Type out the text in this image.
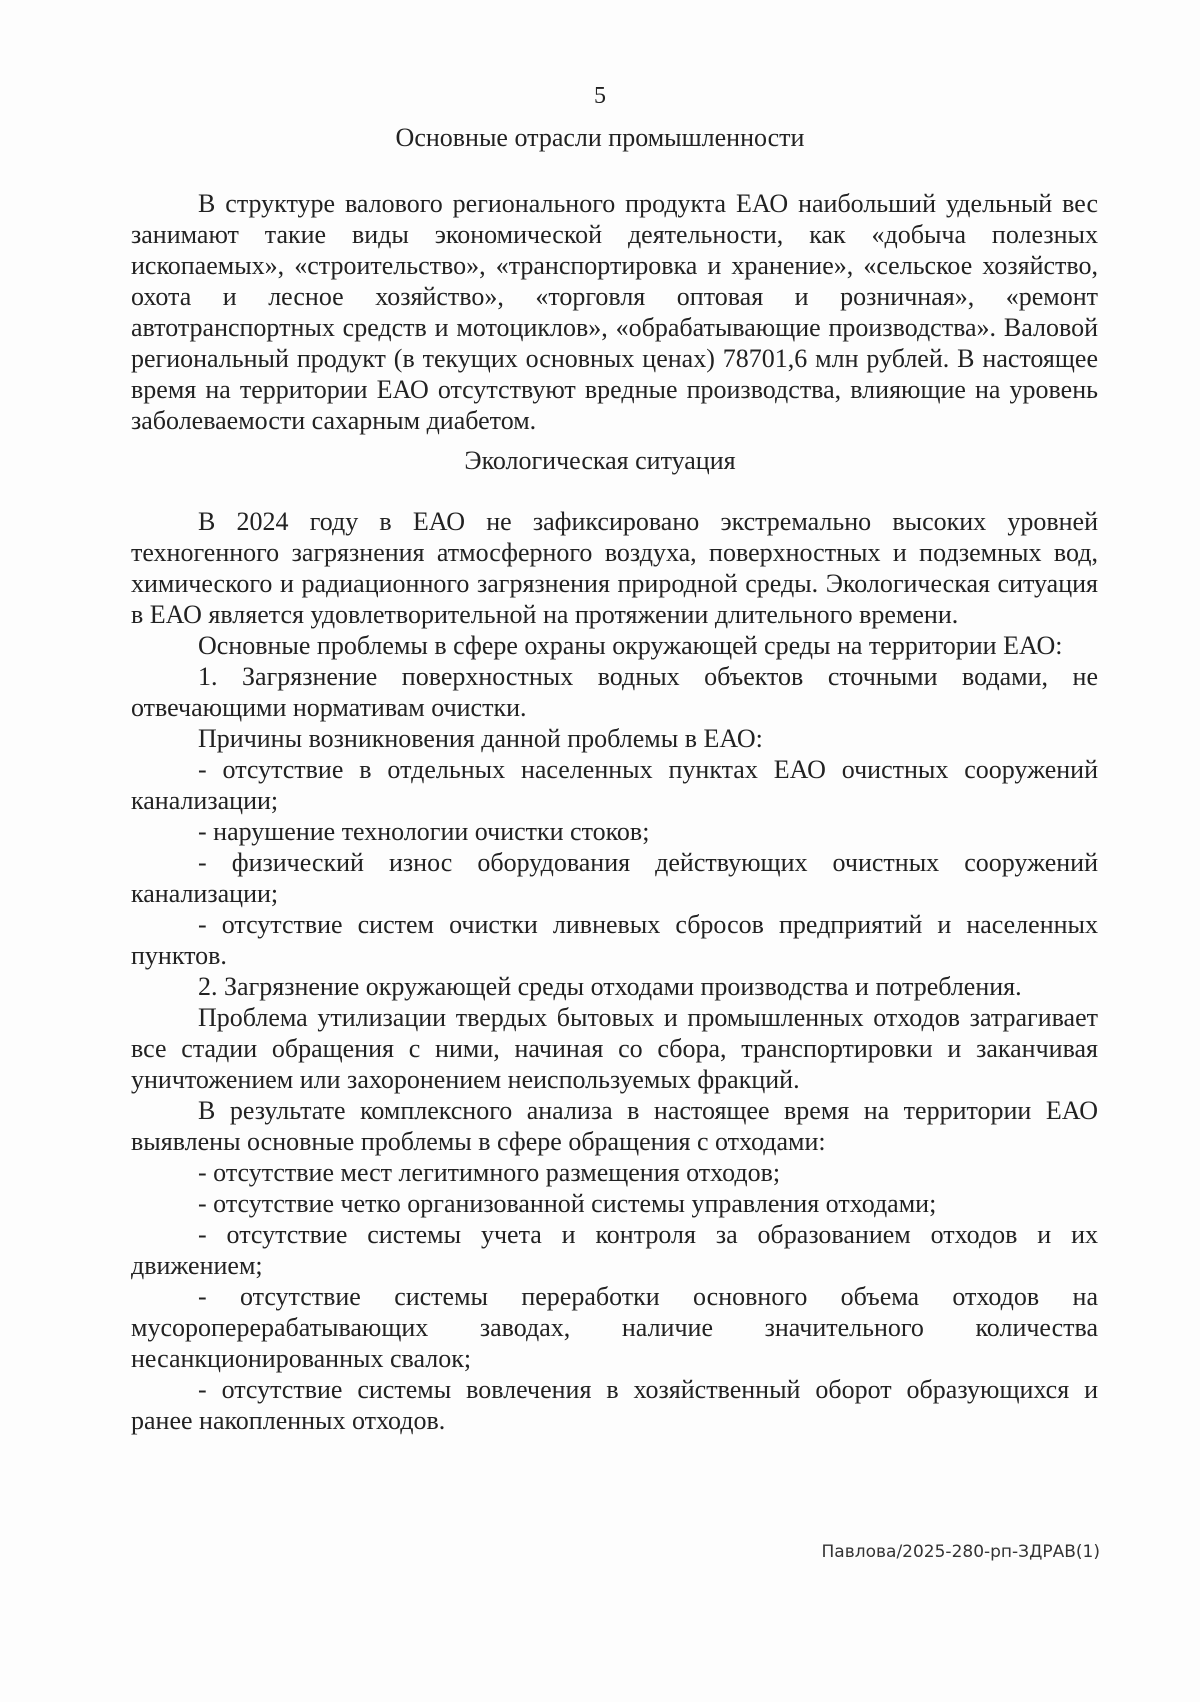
5
Основные отрасли промышленности

В структуре валового регионального продукта ЕАО наибольший удельный вес занимают такие виды экономической деятельности, как «добыча полезных ископаемых», «строительство», «транспортировка и хранение», «сельское хозяйство, охота и лесное хозяйство», «торговля оптовая и розничная», «ремонт автотранспортных средств и мотоциклов», «обрабатывающие производства». Валовой региональный продукт (в текущих основных ценах) 78701,6 млн рублей. В настоящее время на территории ЕАО отсутствуют вредные производства, влияющие на уровень заболеваемости сахарным диабетом.

Экологическая ситуация

В 2024 году в ЕАО не зафиксировано экстремально высоких уровней техногенного загрязнения атмосферного воздуха, поверхностных и подземных вод, химического и радиационного загрязнения природной среды. Экологическая ситуация в ЕАО является удовлетворительной на протяжении длительного времени.

Основные проблемы в сфере охраны окружающей среды на территории ЕАО:

1. Загрязнение поверхностных водных объектов сточными водами, не отвечающими нормативам очистки.

Причины возникновения данной проблемы в ЕАО:

- отсутствие в отдельных населенных пунктах ЕАО очистных сооружений канализации;

- нарушение технологии очистки стоков;

- физический износ оборудования действующих очистных сооружений канализации;

- отсутствие систем очистки ливневых сбросов предприятий и населенных пунктов.

2. Загрязнение окружающей среды отходами производства и потребления.

Проблема утилизации твердых бытовых и промышленных отходов затрагивает все стадии обращения с ними, начиная со сбора, транспортировки и заканчивая уничтожением или захоронением неиспользуемых фракций.

В результате комплексного анализа в настоящее время на территории ЕАО выявлены основные проблемы в сфере обращения с отходами:

- отсутствие мест легитимного размещения отходов;

- отсутствие четко организованной системы управления отходами;

- отсутствие системы учета и контроля за образованием отходов и их движением;

- отсутствие системы переработки основного объема отходов на мусороперерабатывающих заводах, наличие значительного количества несанкционированных свалок;

- отсутствие системы вовлечения в хозяйственный оборот образующихся и ранее накопленных отходов.

Павлова/2025-280-рп-ЗДРАВ(1)
